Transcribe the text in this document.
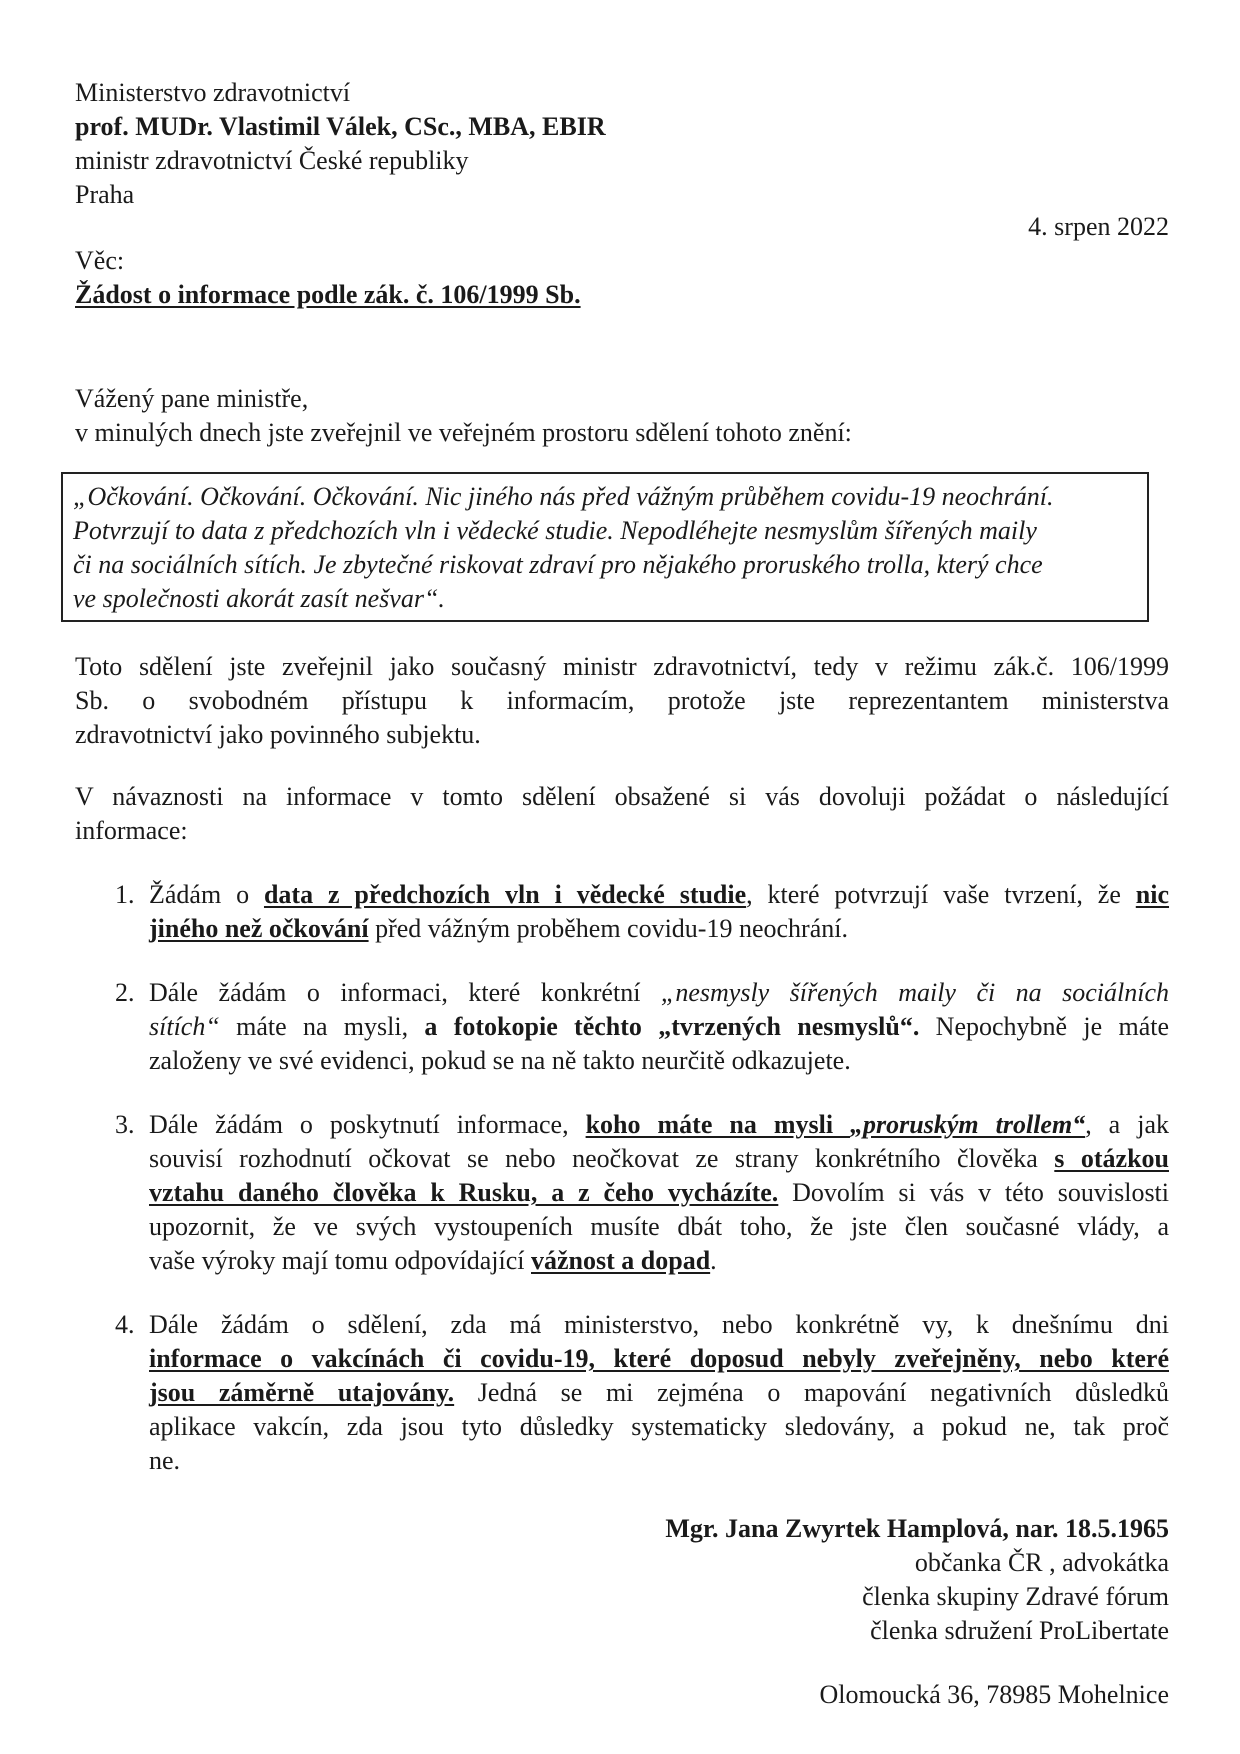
Ministerstvo zdravotnictví
prof. MUDr. Vlastimil Válek, CSc., MBA, EBIR
ministr zdravotnictví České republiky
Praha
4. srpen 2022
Věc:
Žádost o informace podle zák. č. 106/1999 Sb.
Vážený pane ministře,
v minulých dnech jste zveřejnil ve veřejném prostoru sdělení tohoto znění:
„Očkování. Očkování. Očkování. Nic jiného nás před vážným průběhem covidu-19 neochrání.
Potvrzují to data z předchozích vln i vědecké studie. Nepodléhejte nesmyslům šířených maily
či na sociálních sítích. Je zbytečné riskovat zdraví pro nějakého proruského trolla, který chce
ve společnosti akorát zasít nešvar“.
Toto sdělení jste zveřejnil jako současný ministr zdravotnictví, tedy v režimu zák.č. 106/1999
Sb. o svobodném přístupu k informacím, protože jste reprezentantem ministerstva
zdravotnictví jako povinného subjektu.
V návaznosti na informace v tomto sdělení obsažené si vás dovoluji požádat o následující
informace:
1. Žádám o data z předchozích vln i vědecké studie, které potvrzují vaše tvrzení, že nic
jiného než očkování před vážným proběhem covidu-19 neochrání.
2. Dále žádám o informaci, které konkrétní „nesmysly šířených maily či na sociálních
sítích“ máte na mysli, a fotokopie těchto „tvrzených nesmyslů“. Nepochybně je máte
založeny ve své evidenci, pokud se na ně takto neurčitě odkazujete.
3. Dále žádám o poskytnutí informace, koho máte na mysli „proruským trollem“, a jak
souvisí rozhodnutí očkovat se nebo neočkovat ze strany konkrétního člověka s otázkou
vztahu daného člověka k Rusku, a z čeho vycházíte. Dovolím si vás v této souvislosti
upozornit, že ve svých vystoupeních musíte dbát toho, že jste člen současné vlády, a
vaše výroky mají tomu odpovídající vážnost a dopad.
4. Dále žádám o sdělení, zda má ministerstvo, nebo konkrétně vy, k dnešnímu dni
informace o vakcínách či covidu-19, které doposud nebyly zveřejněny, nebo které
jsou záměrně utajovány. Jedná se mi zejména o mapování negativních důsledků
aplikace vakcín, zda jsou tyto důsledky systematicky sledovány, a pokud ne, tak proč
ne.
Mgr. Jana Zwyrtek Hamplová, nar. 18.5.1965
občanka ČR , advokátka
členka skupiny Zdravé fórum
členka sdružení ProLibertate
Olomoucká 36, 78985 Mohelnice
